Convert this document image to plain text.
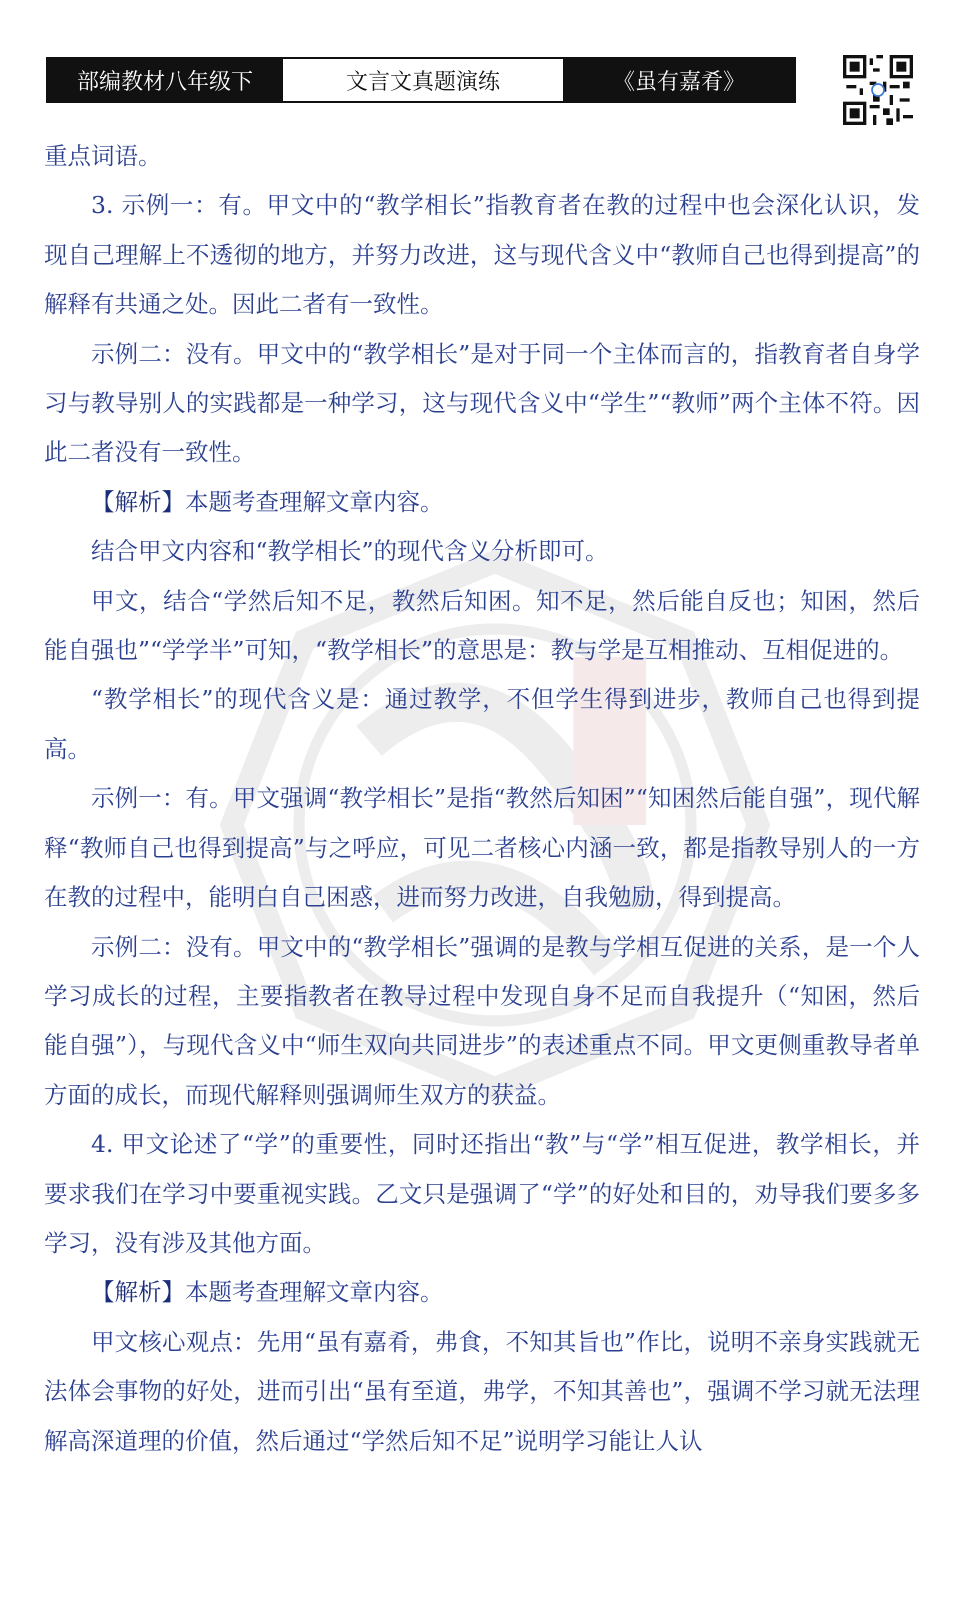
部编教材八年级下	文言文真题演练	《虽有嘉肴》

重点词语。

3. 示例一：有。甲文中的“教学相长”指教育者在教的过程中也会深化认识，发现自己理解上不透彻的地方，并努力改进，这与现代含义中“教师自己也得到提高”的解释有共通之处。因此二者有一致性。

示例二：没有。甲文中的“教学相长”是对于同一个主体而言的，指教育者自身学习与教导别人的实践都是一种学习，这与现代含义中“学生”“教师”两个主体不符。因此二者没有一致性。

【解析】本题考查理解文章内容。

结合甲文内容和“教学相长”的现代含义分析即可。

甲文，结合“学然后知不足，教然后知困。知不足，然后能自反也；知困，然后能自强也”“学学半”可知，“教学相长”的意思是：教与学是互相推动、互相促进的。

“教学相长”的现代含义是：通过教学，不但学生得到进步，教师自己也得到提高。

示例一：有。甲文强调“教学相长”是指“教然后知困”“知困然后能自强”，现代解释“教师自己也得到提高”与之呼应，可见二者核心内涵一致，都是指教导别人的一方在教的过程中，能明白自己困惑，进而努力改进，自我勉励，得到提高。

示例二：没有。甲文中的“教学相长”强调的是教与学相互促进的关系，是一个人学习成长的过程，主要指教者在教导过程中发现自身不足而自我提升（“知困，然后能自强”），与现代含义中“师生双向共同进步”的表述重点不同。甲文更侧重教导者单方面的成长，而现代解释则强调师生双方的获益。

4. 甲文论述了“学”的重要性，同时还指出“教”与“学”相互促进，教学相长，并要求我们在学习中要重视实践。乙文只是强调了“学”的好处和目的，劝导我们要多多学习，没有涉及其他方面。

【解析】本题考查理解文章内容。

甲文核心观点：先用“虽有嘉肴，弗食，不知其旨也”作比，说明不亲身实践就无法体会事物的好处，进而引出“虽有至道，弗学，不知其善也”，强调不学习就无法理解高深道理的价值，然后通过“学然后知不足”说明学习能让人认
